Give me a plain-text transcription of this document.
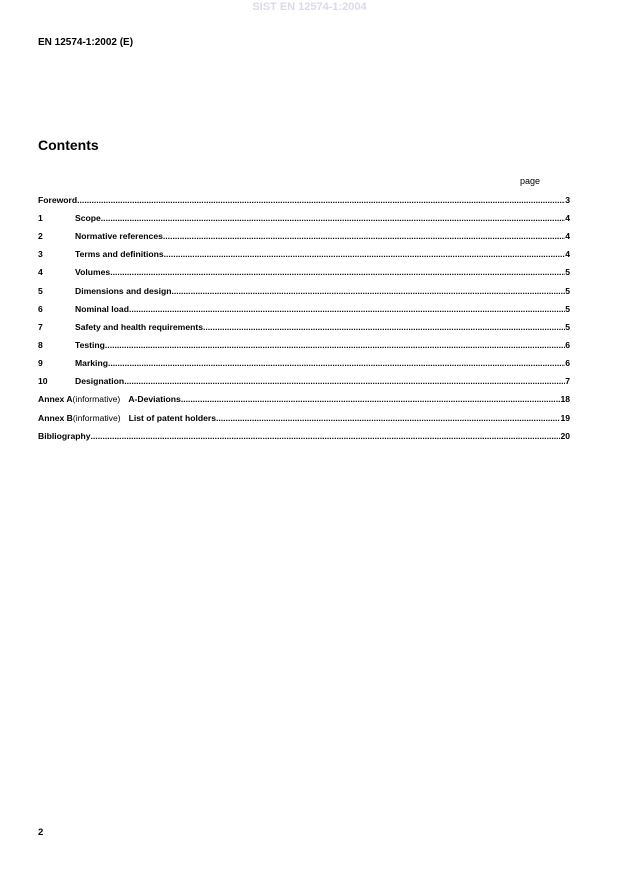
SIST EN 12574-1:2004
EN 12574-1:2002 (E)
Contents
page
Foreword .....	3
1	Scope .....	4
2	Normative references .....	4
3	Terms and definitions .....	4
4	Volumes .....	5
5	Dimensions and design .....	5
6	Nominal load .....	5
7	Safety and health requirements .....	5
8	Testing .....	6
9	Marking .....	6
10	Designation .....	7
Annex A (informative) A-Deviations .....	18
Annex B (informative) List of patent holders .....	19
Bibliography .....	20
2
